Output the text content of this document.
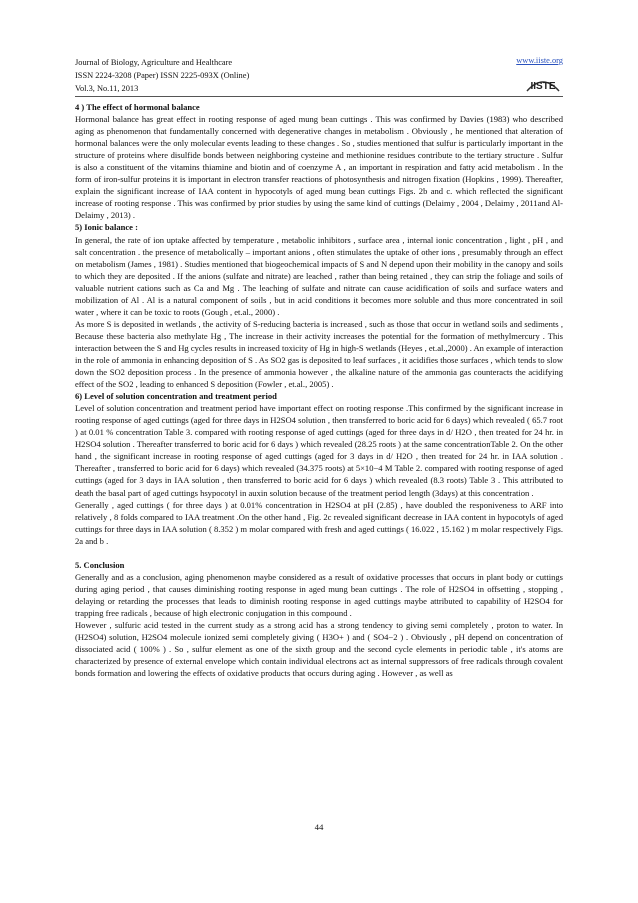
Journal of Biology, Agriculture and Healthcare
ISSN 2224-3208 (Paper) ISSN 2225-093X (Online)
Vol.3, No.11, 2013
www.iiste.org
IISTE

4 ) The effect of hormonal balance

Hormonal balance has great effect in rooting response of aged mung bean cuttings . This was confirmed by Davies (1983) who described aging as phenomenon that fundamentally concerned with degenerative changes in metabolism . Obviously , he mentioned that alteration of hormonal balances were the only molecular events leading to these changes . So , studies mentioned that sulfur is particularly important in the structure of proteins where disulfide bonds between neighboring cysteine and methionine residues contribute to the tertiary structure . Sulfur is also a constituent of the vitamins thiamine and biotin and of coenzyme A , an important in respiration and fatty acid metabolism . In the form of iron-sulfur proteins it is important in electron transfer reactions of photosynthesis and nitrogen fixation (Hopkins , 1999). Thereafter, explain the significant increase of IAA content in hypocotyls of aged mung bean cuttings Figs. 2b and c. which reflected the significant increase of rooting response . This was confirmed by prior studies by using the same kind of cuttings (Delaimy , 2004 , Delaimy , 2011and Al-Delaimy , 2013) .

5) Ionic balance :

In general, the rate of ion uptake affected by temperature , metabolic inhibitors , surface area , internal ionic concentration , light , pH , and salt concentration . the presence of metabolically – important anions , often stimulates the uptake of other ions , presumably through an effect on metabolism (James , 1981) . Studies mentioned that biogeochemical impacts of S and N depend upon their mobility in the canopy and soils to which they are deposited . If the anions (sulfate and nitrate) are leached , rather than being retained , they can strip the foliage and soils of valuable nutrient cations such as Ca and Mg . The leaching of sulfate and nitrate can cause acidification of soils and surface waters and mobilization of Al . Al is a natural component of soils , but in acid conditions it becomes more soluble and thus more concentrated in soil water , where it can be toxic to roots (Gough , et.al., 2000) .

As more S is deposited in wetlands , the activity of S-reducing bacteria is increased , such as those that occur in wetland soils and sediments , Because these bacteria also methylate Hg , The increase in their activity increases the potential for the formation of methylmercury . This interaction between the S and Hg cycles results in increased toxicity of Hg in high-S wetlands (Heyes , et.al.,2000) . An example of interaction in the role of ammonia in enhancing deposition of S . As SO2 gas is deposited to leaf surfaces , it acidifies those surfaces , which tends to slow down the SO2 deposition process . In the presence of ammonia however , the alkaline nature of the ammonia gas counteracts the acidifying effect of the SO2 , leading to enhanced S deposition (Fowler , et.al., 2005) .

6) Level of solution concentration and treatment period

Level of solution concentration and treatment period have important effect on rooting response .This confirmed by the significant increase in rooting response of aged cuttings (aged for three days in H2SO4 solution , then transferred to boric acid for 6 days) which revealed ( 65.7 root ) at 0.01 % concentration Table 3. compared with rooting response of aged cuttings (aged for three days in d/ H2O , then treated for 24 hr. in H2SO4 solution . Thereafter transferred to boric acid for 6 days ) which revealed (28.25 roots ) at the same concentrationTable 2. On the other hand , the significant increase in rooting response of aged cuttings (aged for 3 days in d/ H2O , then treated for 24 hr. in IAA solution . Thereafter , transferred to boric acid for 6 days) which revealed (34.375 roots) at 5×10−4 M Table 2. compared with rooting response of aged cuttings (aged for 3 days in IAA solution , then transferred to boric acid for 6 days ) which revealed (8.3 roots) Table 3 . This attributed to death the basal part of aged cuttings hsypocotyl in auxin solution because of the treatment period length (3days) at this concentration .

Generally , aged cuttings ( for three days ) at 0.01% concentration in H2SO4 at pH (2.85) , have doubled the responiveness to ARF into relatively , 8 folds compared to IAA treatment .On the other hand , Fig. 2c revealed significant decrease in IAA content in hypocotyls of aged cuttings for three days in IAA solution ( 8.352 ) m molar compared with fresh and aged cuttings ( 16.022 , 15.162 ) m molar respectively Figs. 2a and b .

5. Conclusion

Generally and as a conclusion, aging phenomenon maybe considered as a result of oxidative processes that occurs in plant body or cuttings during aging period , that causes diminishing rooting response in aged mung bean cuttings . The role of H2SO4 in offsetting , stopping , delaying or retarding the processes that leads to diminish rooting response in aged cuttings maybe attributed to capability of H2SO4 for trapping free radicals , because of high electronic conjugation in this compound .

However , sulfuric acid tested in the current study as a strong acid has a strong tendency to giving semi completely , proton to water. In (H2SO4) solution, H2SO4 molecule ionized semi completely giving ( H3O+ ) and ( SO4−2 ) . Obviously , pH depend on concentration of dissociated acid ( 100% ) . So , sulfur element as one of the sixth group and the second cycle elements in periodic table , it's atoms are characterized by presence of external envelope which contain individual electrons act as internal suppressors of free radicals through covalent bonds formation and lowering the effects of oxidative products that occurs during aging . However , as well as

44
